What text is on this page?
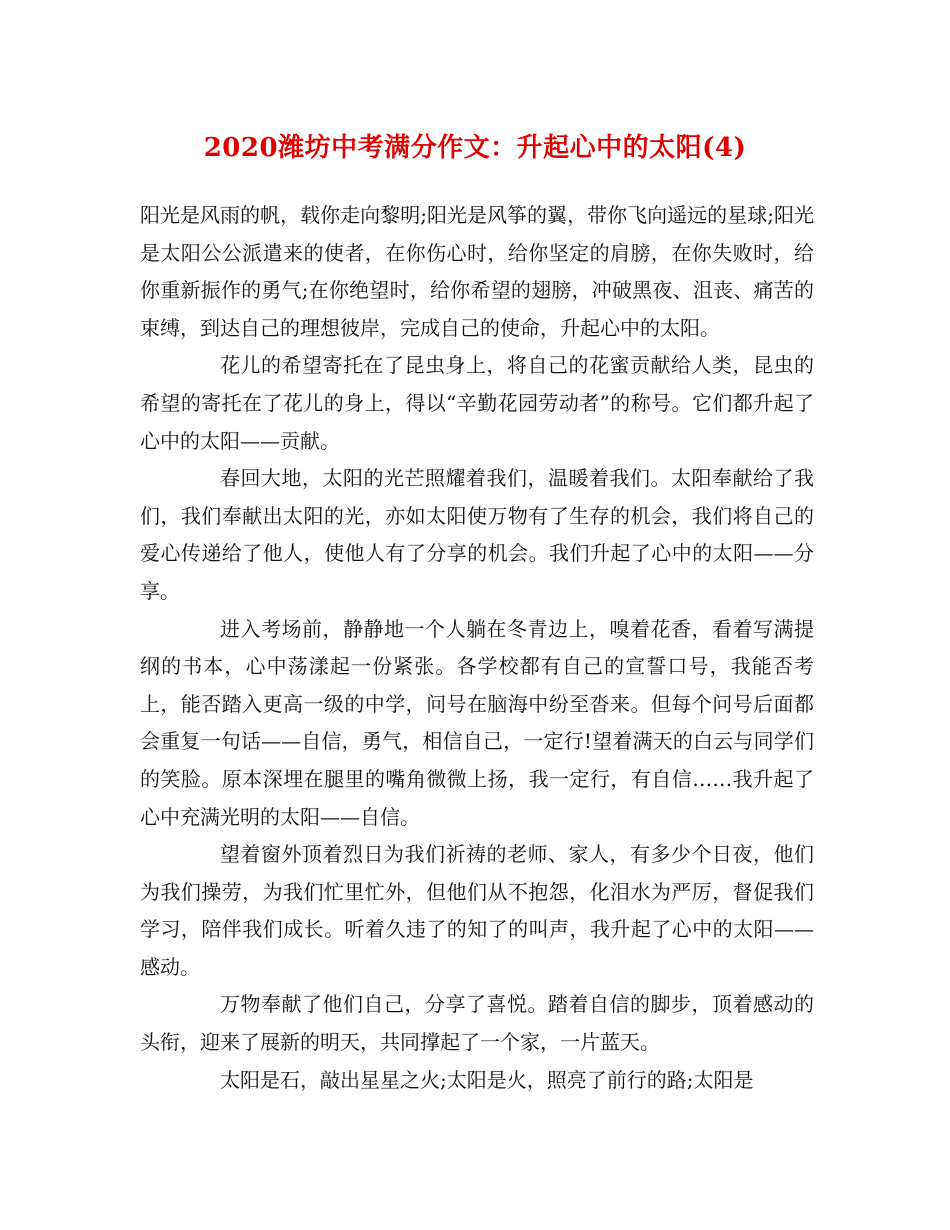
2020潍坊中考满分作文：升起心中的太阳(4)

阳光是风雨的帆，载你走向黎明;阳光是风筝的翼，带你飞向遥远的星球;阳光是太阳公公派遣来的使者，在你伤心时，给你坚定的肩膀，在你失败时，给你重新振作的勇气;在你绝望时，给你希望的翅膀，冲破黑夜、沮丧、痛苦的束缚，到达自己的理想彼岸，完成自己的使命，升起心中的太阳。

花儿的希望寄托在了昆虫身上，将自己的花蜜贡献给人类，昆虫的希望的寄托在了花儿的身上，得以“辛勤花园劳动者”的称号。它们都升起了心中的太阳——贡献。

春回大地，太阳的光芒照耀着我们，温暖着我们。太阳奉献给了我们，我们奉献出太阳的光，亦如太阳使万物有了生存的机会，我们将自己的爱心传递给了他人，使他人有了分享的机会。我们升起了心中的太阳——分享。

进入考场前，静静地一个人躺在冬青边上，嗅着花香，看着写满提纲的书本，心中荡漾起一份紧张。各学校都有自己的宣誓口号，我能否考上，能否踏入更高一级的中学，问号在脑海中纷至沓来。但每个问号后面都会重复一句话——自信，勇气，相信自己，一定行!望着满天的白云与同学们的笑脸。原本深埋在腿里的嘴角微微上扬，我一定行，有自信……我升起了心中充满光明的太阳——自信。

望着窗外顶着烈日为我们祈祷的老师、家人，有多少个日夜，他们为我们操劳，为我们忙里忙外，但他们从不抱怨，化泪水为严厉，督促我们学习，陪伴我们成长。听着久违了的知了的叫声，我升起了心中的太阳——感动。

万物奉献了他们自己，分享了喜悦。踏着自信的脚步，顶着感动的头衔，迎来了展新的明天，共同撑起了一个家，一片蓝天。

太阳是石，敲出星星之火;太阳是火，照亮了前行的路;太阳是
